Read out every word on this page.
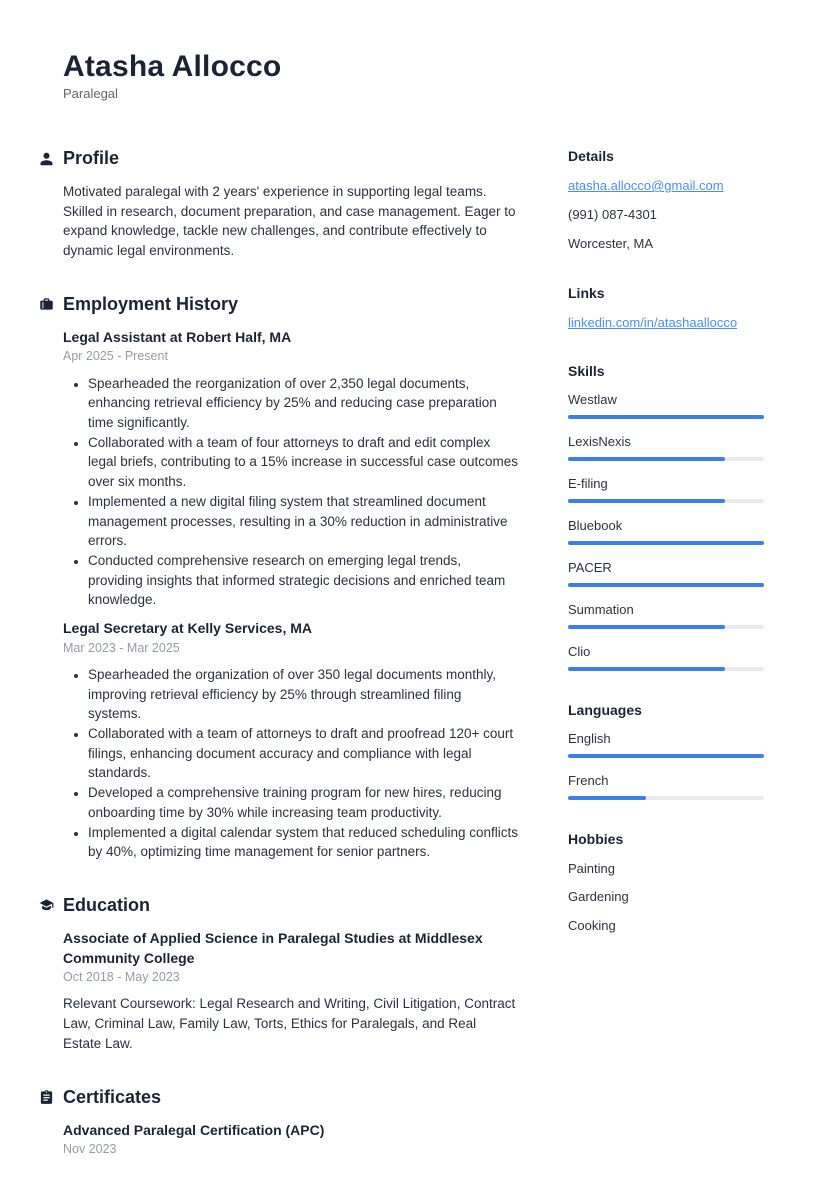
Atasha Allocco
Paralegal
Profile

Motivated paralegal with 2 years' experience in supporting legal teams. Skilled in research, document preparation, and case management. Eager to expand knowledge, tackle new challenges, and contribute effectively to dynamic legal environments.

Employment History
Legal Assistant at Robert Half, MA
Apr 2025 - Present
• Spearheaded the reorganization of over 2,350 legal documents, enhancing retrieval efficiency by 25% and reducing case preparation time significantly.
• Collaborated with a team of four attorneys to draft and edit complex legal briefs, contributing to a 15% increase in successful case outcomes over six months.
• Implemented a new digital filing system that streamlined document management processes, resulting in a 30% reduction in administrative errors.
• Conducted comprehensive research on emerging legal trends, providing insights that informed strategic decisions and enriched team knowledge.
Legal Secretary at Kelly Services, MA
Mar 2023 - Mar 2025
• Spearheaded the organization of over 350 legal documents monthly, improving retrieval efficiency by 25% through streamlined filing systems.
• Collaborated with a team of attorneys to draft and proofread 120+ court filings, enhancing document accuracy and compliance with legal standards.
• Developed a comprehensive training program for new hires, reducing onboarding time by 30% while increasing team productivity.
• Implemented a digital calendar system that reduced scheduling conflicts by 40%, optimizing time management for senior partners.
Education
Associate of Applied Science in Paralegal Studies at Middlesex Community College
Oct 2018 - May 2023

Relevant Coursework: Legal Research and Writing, Civil Litigation, Contract Law, Criminal Law, Family Law, Torts, Ethics for Paralegals, and Real Estate Law.

Certificates
Advanced Paralegal Certification (APC)
Nov 2023
Details
atasha.allocco@gmail.com
(991) 087-4301
Worcester, MA
Links
linkedin.com/in/atashaallocco
Skills
Westlaw
LexisNexis
E-filing
Bluebook
PACER
Summation
Clio
Languages
English
French
Hobbies
Painting
Gardening
Cooking
